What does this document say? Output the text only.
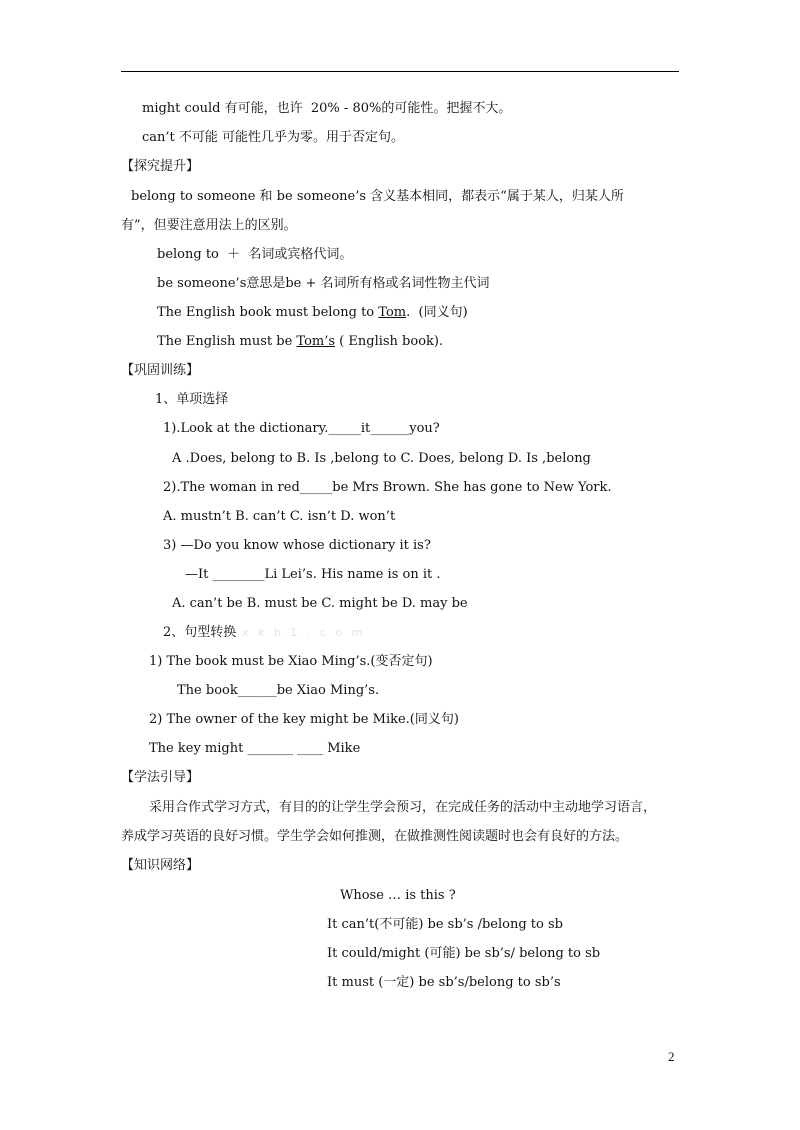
x k b 1 . c o m
might could 有可能，也许  20% - 80%的可能性。把握不大。
can’t 不可能 可能性几乎为零。用于否定句。
【探究提升】
belong to someone 和 be someone’s 含义基本相同，都表示“属于某人，归某人所
有”，但要注意用法上的区别。
belong to  ＋  名词或宾格代词。
be someone’s意思是be + 名词所有格或名词性物主代词
The English book must belong to Tom.  (同义句)
The English must be Tom’s ( English book).
【巩固训练】
1、单项选择
1).Look at the dictionary._____it______you?
A .Does, belong to B. Is ,belong to C. Does, belong D. Is ,belong
2).The woman in red_____be Mrs Brown. She has gone to New York.
A. mustn’t B. can’t C. isn’t D. won’t
3) —Do you know whose dictionary it is?
—It ________Li Lei’s. His name is on it .
A. can’t be B. must be C. might be D. may be
2、句型转换
1) The book must be Xiao Ming’s.(变否定句)
The book______be Xiao Ming’s.
2) The owner of the key might be Mike.(同义句)
The key might _______ ____ Mike
【学法引导】
采用合作式学习方式，有目的的让学生学会预习，在完成任务的活动中主动地学习语言，
养成学习英语的良好习惯。学生学会如何推测，在做推测性阅读题时也会有良好的方法。
【知识网络】
Whose … is this ?
It can’t(不可能) be sb’s /belong to sb
It could/might (可能) be sb’s/ belong to sb
It must (一定) be sb’s/belong to sb’s
2
